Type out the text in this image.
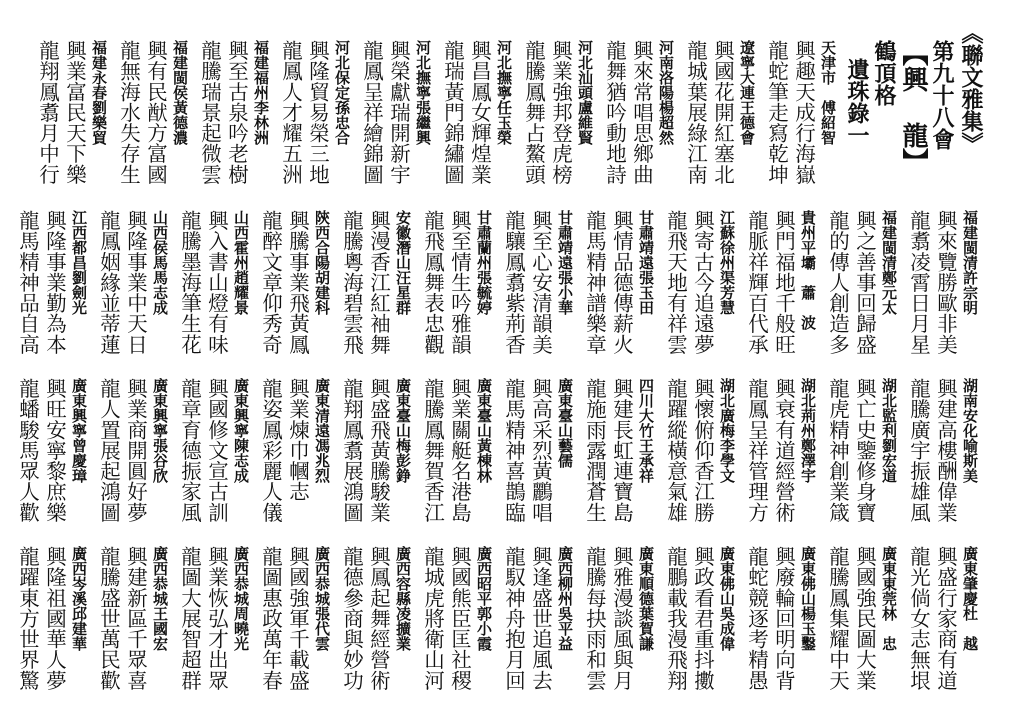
《聯文雅集》
第九十八會
【興 龍】
鶴頂格
遺珠錄一
天津市　傅紹智
興趣天成行海嶽
龍蛇筆走寫乾坤
遼寧大連王德會
興國花開紅塞北
龍城葉展綠江南
河南洛陽楊超然
興來常唱思鄉曲
龍舞猶吟動地詩
河北汕頭盧維賢
興業強邦登虎榜
龍騰鳳舞占鰲頭
河北撫寧任玉榮
興昌鳳女輝煌業
龍瑞黃門錦繡圖
河北撫寧張繼興
興榮獻瑞開新宇
龍鳳呈祥繪錦圖
河北保定孫忠合
興隆貿易榮三地
龍鳳人才耀五洲
福建福州李林洲
興至古泉吟老樹
龍騰瑞景起微雲
福建閩侯黃德濃
興有民猷方富國
龍無海水失存生
福建永春劉樂貿
興業富民天下樂
龍翔鳳翥月中行
福建閩清許宗明
興來覽勝歐非美
龍翥凌霄日月星
福建閩清鄭元太
興之善事回歸盛
龍的傳人創造多
貴州平壩　蕭　波
興門福地千般旺
龍脈祥輝百代承
江蘇徐州渠芳慧
興寄古今追遠夢
龍飛天地有祥雲
甘肅靖遠張玉田
興情品德傳薪火
龍馬精神譜樂章
甘肅靖遠張小華
興至心安清韻美
龍驤鳳翥紫荊香
甘肅蘭州張毓婷
興至情生吟雅韻
龍飛鳳舞表忠觀
安徽潛山汪星群
興漫香江紅袖舞
龍騰粵海碧雲飛
陝西合陽胡建科
興騰事業飛黃鳳
龍醉文章仰秀奇
山西霍州趙耀景
興入書山燈有味
龍騰墨海筆生花
山西侯馬馬志成
興隆事業中天日
龍鳳姻緣並蒂蓮
江西都昌劉劍光
興隆事業勤為本
龍馬精神品自高
湖南安化喻斯美
興建高樓酬偉業
龍騰廣宇振雄風
湖北監利劉宏道
興亡史鑒修身寶
龍虎精神創業箴
湖北荊州鄭澤宇
興衰有道經營術
龍鳳呈祥管理方
湖北廣梅李學文
興懷俯仰香江勝
龍躍縱橫意氣雄
四川大竹王承祥
興建長虹連寶島
龍施雨露潤蒼生
廣東臺山藝儒
興高采烈黃鸝唱
龍馬精神喜鵲臨
廣東臺山黃棟林
興業關艇名港島
龍騰鳳舞賀香江
廣東臺山梅彭錚
興盛飛黃騰駿業
龍翔鳳翥展鴻圖
廣東清遠馮兆烈
興業煉巾幗志
龍姿鳳彩麗人儀
廣東興寧陳志成
興國修文宣古訓
龍章育德振家風
廣東興寧張谷欣
興業商開圓好夢
龍人置展起鴻圖
廣東興寧曾慶璋
興旺安寧黎庶樂
龍蟠駿馬眾人歡
廣東肇慶杜　越
興盛行家商有道
龍光倘女志無垠
廣東東莞林　忠
興國強民圖大業
龍騰鳳集耀中天
廣東佛山楊玉鑿
興廢輪回明向背
龍蛇競逐考精愚
廣東佛山吳成偉
興政看君重抖擻
龍鵬載我漫飛翔
廣東順德葉賀謙
興雅漫談風與月
龍騰每抉雨和雲
廣西柳州吳平益
興逢盛世追風去
龍馭神舟抱月回
廣西昭平郭小霞
興國熊臣匡社稷
龍城虎將衛山河
廣西容縣凌擴業
興鳳起舞經營術
龍德參商與妙功
廣西恭城張代雲
興國強軍千載盛
龍圖惠政萬年春
廣西恭城周曉光
興業恢弘才出眾
龍圖大展智超群
廣西恭城王國宏
興建新區千眾喜
龍騰盛世萬民歡
廣西岑溪邱建華
興隆祖國華人夢
龍躍東方世界驚
